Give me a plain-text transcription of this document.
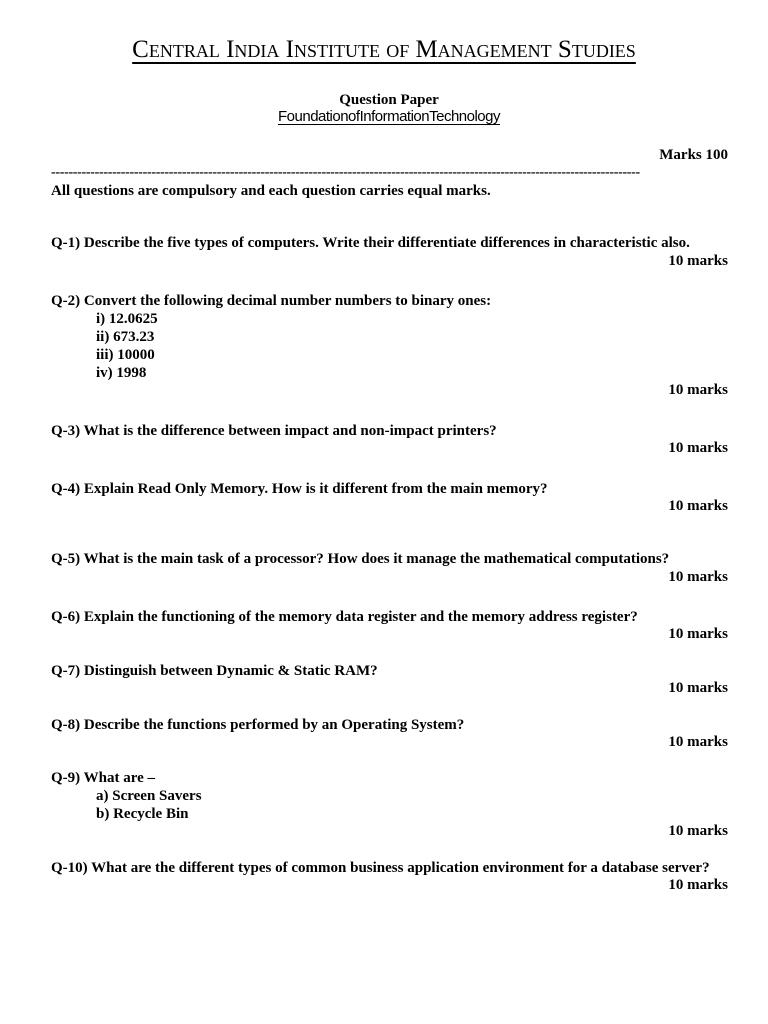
Central India Institute of Management Studies
Question Paper
FoundationofInformationTechnology
Marks 100
---------------------------------------------------------------------------------------------------------------------------------------
All questions are compulsory and each question carries equal marks.
Q-1) Describe the five types of computers. Write their differentiate differences in characteristic also.
10 marks
Q-2) Convert the following decimal number numbers to binary ones:
i) 12.0625
ii) 673.23
iii) 10000
iv) 1998
10 marks
Q-3) What is the difference between impact and non-impact printers?
10 marks
Q-4) Explain Read Only Memory. How is it different from the main memory?
10 marks
Q-5) What is the main task of a processor? How does it manage the mathematical computations?
10 marks
Q-6) Explain the functioning of the memory data register and the memory address register?
10 marks
Q-7) Distinguish between Dynamic & Static RAM?
10 marks
Q-8) Describe the functions performed by an Operating System?
10 marks
Q-9) What are –
a) Screen Savers
b) Recycle Bin
10 marks
Q-10) What are the different types of common business application environment for a database server?
10 marks
